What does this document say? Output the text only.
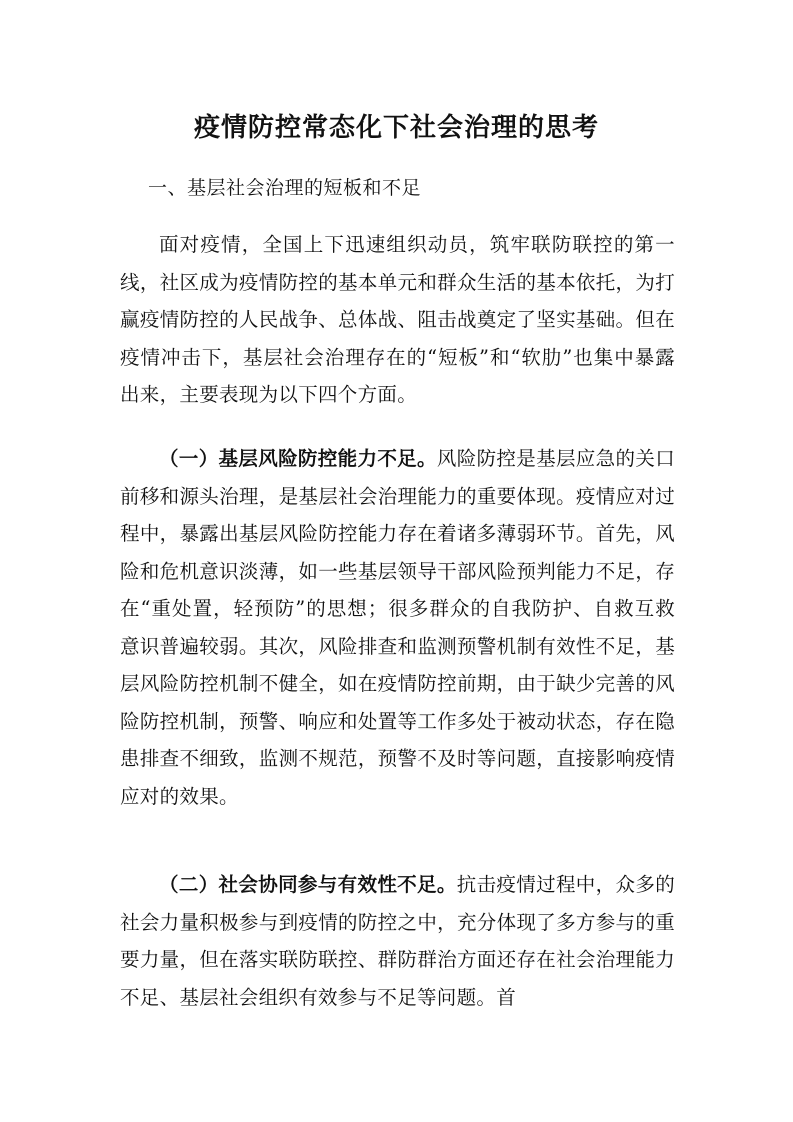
疫情防控常态化下社会治理的思考
一、基层社会治理的短板和不足

面对疫情，全国上下迅速组织动员，筑牢联防联控的第一线，社区成为疫情防控的基本单元和群众生活的基本依托，为打赢疫情防控的人民战争、总体战、阻击战奠定了坚实基础。但在疫情冲击下，基层社会治理存在的“短板”和“软肋”也集中暴露出来，主要表现为以下四个方面。

（一）基层风险防控能力不足。风险防控是基层应急的关口前移和源头治理，是基层社会治理能力的重要体现。疫情应对过程中，暴露出基层风险防控能力存在着诸多薄弱环节。首先，风险和危机意识淡薄，如一些基层领导干部风险预判能力不足，存在“重处置，轻预防”的思想；很多群众的自我防护、自救互救意识普遍较弱。其次，风险排查和监测预警机制有效性不足，基层风险防控机制不健全，如在疫情防控前期，由于缺少完善的风险防控机制，预警、响应和处置等工作多处于被动状态，存在隐患排查不细致，监测不规范，预警不及时等问题，直接影响疫情应对的效果。

（二）社会协同参与有效性不足。抗击疫情过程中，众多的社会力量积极参与到疫情的防控之中，充分体现了多方参与的重要力量，但在落实联防联控、群防群治方面还存在社会治理能力不足、基层社会组织有效参与不足等问题。首
